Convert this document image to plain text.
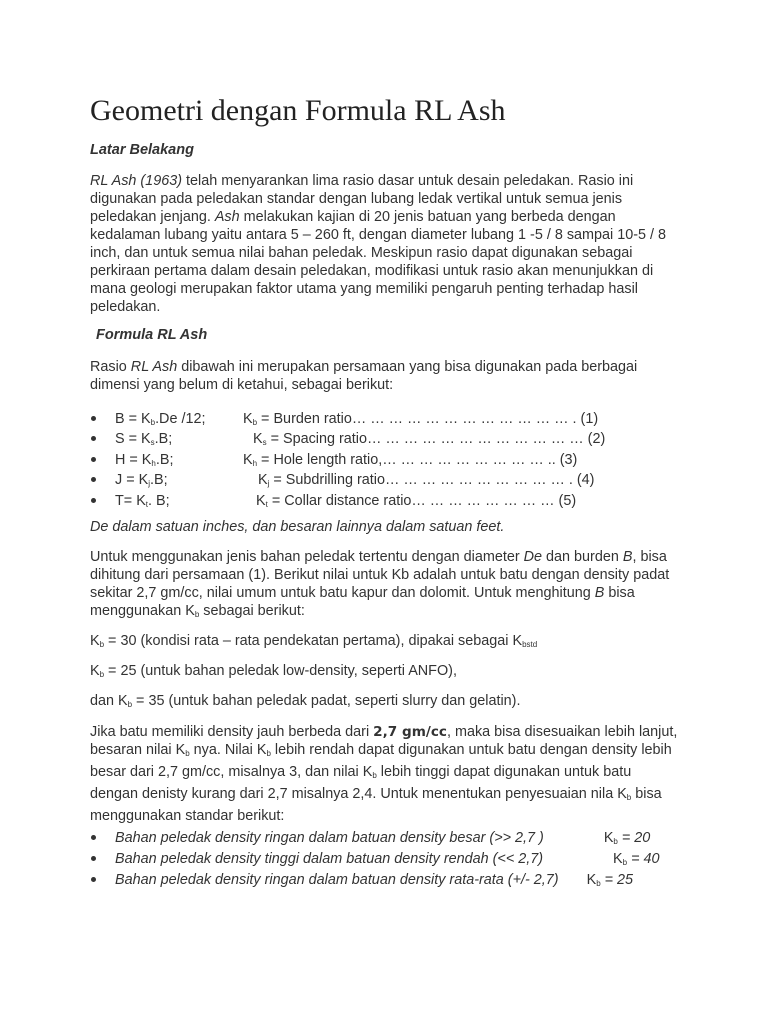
Geometri dengan Formula RL Ash
Latar Belakang

RL Ash (1963) telah menyarankan lima rasio dasar untuk desain peledakan. Rasio ini digunakan pada peledakan standar dengan lubang ledak vertikal untuk semua jenis peledakan jenjang. Ash melakukan kajian di 20 jenis batuan yang berbeda dengan kedalaman lubang yaitu antara 5 – 260 ft, dengan diameter lubang 1 -5 / 8 sampai 10-5 / 8 inch, dan untuk semua nilai bahan peledak. Meskipun rasio dapat digunakan sebagai perkiraan pertama dalam desain peledakan, modifikasi untuk rasio akan menunjukkan di mana geologi merupakan faktor utama yang memiliki pengaruh penting terhadap hasil peledakan.

Formula RL Ash

Rasio RL Ash dibawah ini merupakan persamaan yang bisa digunakan pada berbagai dimensi yang belum di ketahui, sebagai berikut:

$B = K_b.De$ /12;	$K_b$ = Burden ratio… … … … … … … … … … … … . (1)
$S = K_s.B$;	$K_s$ = Spacing ratio… … … … … … … … … … … … (2)
$H = K_h.B$;	$K_h$ = Hole length ratio,… … … … … … … … … .. (3)
$J = K_j.B$;	$K_j$ = Subdrilling ratio… … … … … … … … … … . (4)
$T= K_t$. B;	$K_t$ = Collar distance ratio… … … … … … … … (5)

De dalam satuan inches, dan besaran lainnya dalam satuan feet.

Untuk menggunakan jenis bahan peledak tertentu dengan diameter De dan burden B, bisa dihitung dari persamaan (1). Berikut nilai untuk Kb adalah untuk batu dengan density padat sekitar 2,7 gm/cc, nilai umum untuk batu kapur dan dolomit. Untuk menghitung B bisa menggunakan $K_b$ sebagai berikut:

$K_b = 30$ (kondisi rata – rata pendekatan pertama), dipakai sebagai $K_{bstd}$

$K_b = 25$ (untuk bahan peledak low-density, seperti ANFO),

dan $K_b = 35$ (untuk bahan peledak padat, seperti slurry dan gelatin).

Jika batu memiliki density jauh berbeda dari 2,7 gm/cc, maka bisa disesuaikan lebih lanjut, besaran nilai $K_b$ nya. Nilai $K_b$ lebih rendah dapat digunakan untuk batu dengan density lebih besar dari 2,7 gm/cc, misalnya 3, dan nilai $K_b$ lebih tinggi dapat digunakan untuk batu dengan denisty kurang dari 2,7 misalnya 2,4. Untuk menentukan penyesuaian nila $K_b$ bisa menggunakan standar berikut:

Bahan peledak density ringan dalam batuan density besar (>> 2,7 )	$K_b = 20$
Bahan peledak density tinggi dalam batuan density rendah (<< 2,7)	$K_b = 40$
Bahan peledak density ringan dalam batuan density rata-rata (+/- 2,7) $K_b = 25$
